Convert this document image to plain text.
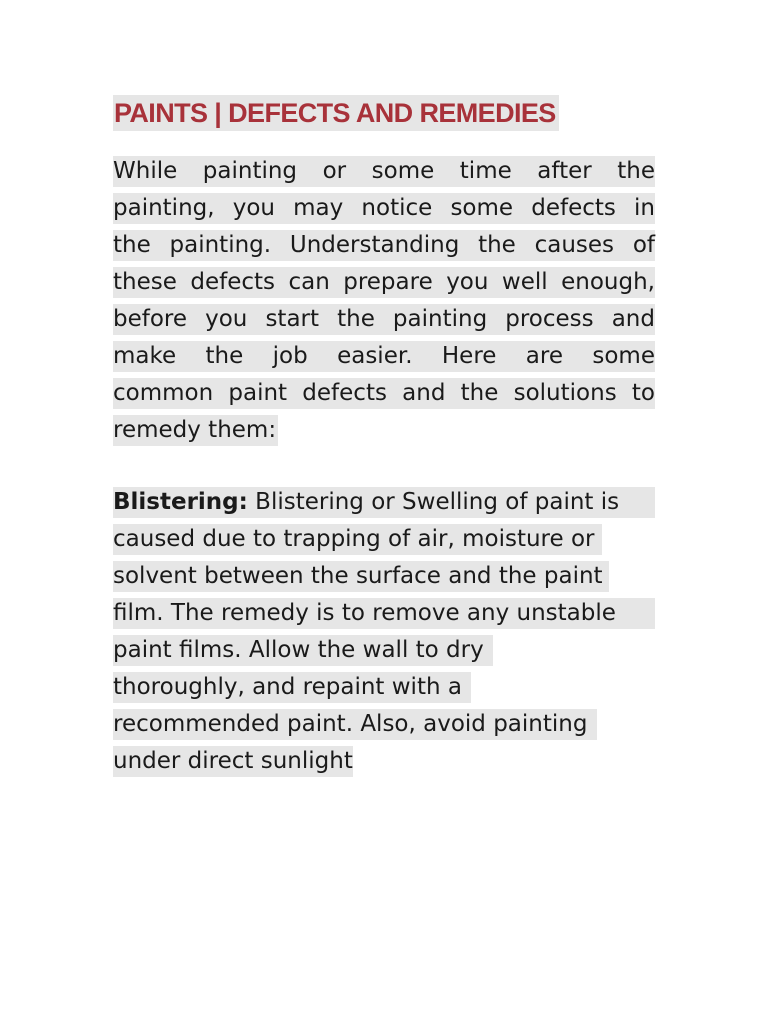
PAINTS | DEFECTS AND REMEDIES
While painting or some time after the
painting, you may notice some defects in
the painting. Understanding the causes of
these defects can prepare you well enough,
before you start the painting process and
make the job easier. Here are some
common paint defects and the solutions to
remedy them:
Blistering: Blistering or Swelling of paint is
caused due to trapping of air, moisture or
solvent between the surface and the paint
film. The remedy is to remove any unstable
paint films. Allow the wall to dry
thoroughly, and repaint with a
recommended paint. Also, avoid painting
under direct sunlight
